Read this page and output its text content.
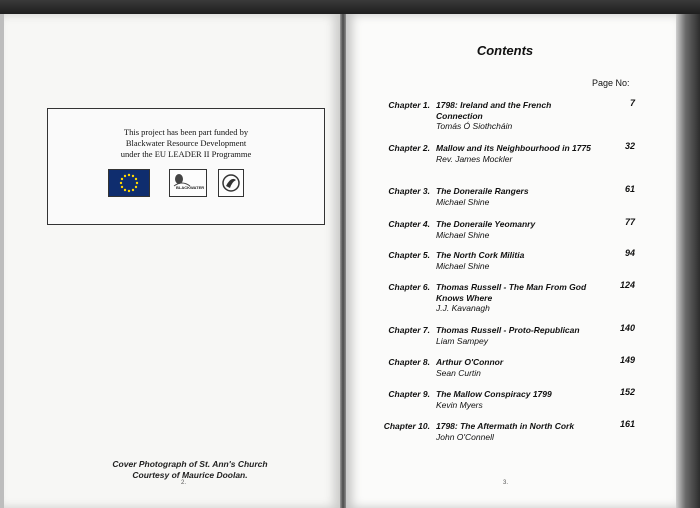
This project has been part funded by
Blackwater Resource Development
under the EU LEADER II Programme
BLACKWATER
Cover Photograph of St. Ann's Church
Courtesy of Maurice Doolan.
2.
Contents
Page No:
Chapter 1. 1798: Ireland and the French Connection
Tomás Ó Siothcháin
7
Chapter 2. Mallow and its Neighbourhood in 1775
Rev. James Mockler
32
Chapter 3. The Doneraile Rangers
Michael Shine
61
Chapter 4. The Doneraile Yeomanry
Michael Shine
77
Chapter 5. The North Cork Militia
Michael Shine
94
Chapter 6. Thomas Russell - The Man From God Knows Where
J.J. Kavanagh
124
Chapter 7. Thomas Russell - Proto-Republican
Liam Sampey
140
Chapter 8. Arthur O'Connor
Sean Curtin
149
Chapter 9. The Mallow Conspiracy 1799
Kevin Myers
152
Chapter 10. 1798: The Aftermath in North Cork
John O'Connell
161
3.
